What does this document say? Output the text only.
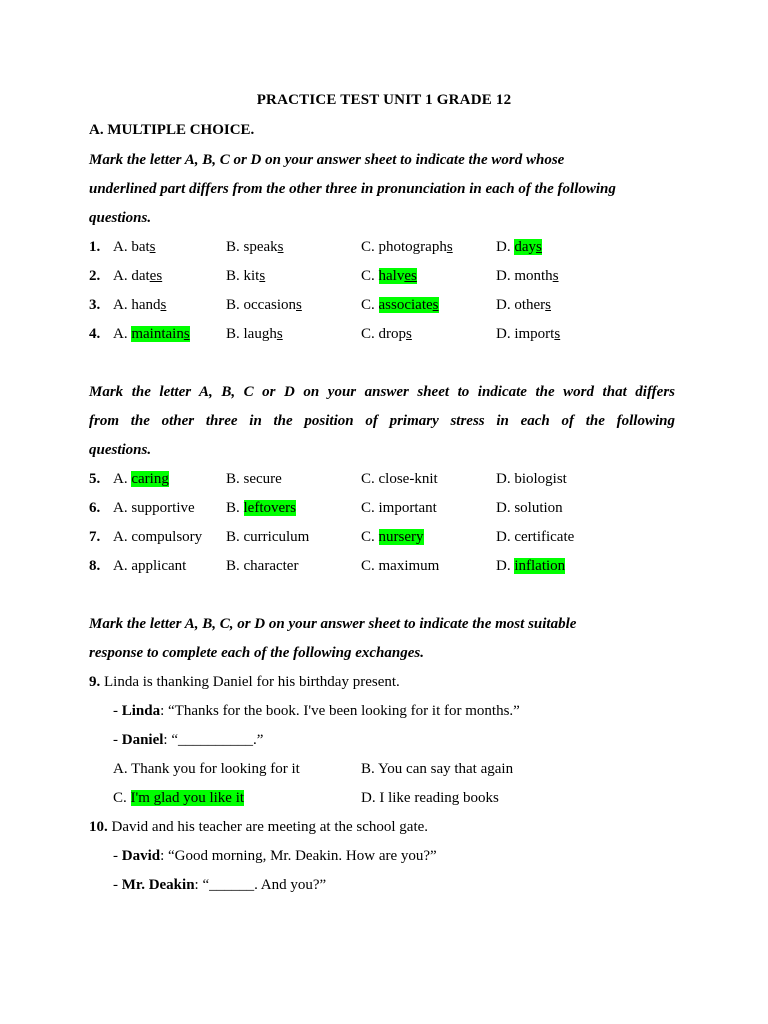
PRACTICE TEST UNIT 1 GRADE 12
A. MULTIPLE CHOICE.
Mark the letter A, B, C or D on your answer sheet to indicate the word whose
underlined part differs from the other three in pronunciation in each of the following
questions.
1. A. bats	B. speaks	C. photographs	D. days
2. A. dates	B. kits	C. halves	D. months
3. A. hands	B. occasions	C. associates	D. others
4. A. maintains B. laughs	C. drops	D. imports
Mark the letter A, B, C or D on your answer sheet to indicate the word that differs
from the other three in the position of primary stress in each of the following
questions.
5. A. caring	B. secure	C. close-knit	D. biologist
6. A. supportive B. leftovers	C. important	D. solution
7. A. compulsory B. curriculum	C. nursery	D. certificate
8. A. applicant	B. character	C. maximum	D. inflation
Mark the letter A, B, C, or D on your answer sheet to indicate the most suitable
response to complete each of the following exchanges.
9. Linda is thanking Daniel for his birthday present.
- Linda: “Thanks for the book. I've been looking for it for months.”
- Daniel: “__________.”
A. Thank you for looking for it	B. You can say that again
C. I'm glad you like it	D. I like reading books
10. David and his teacher are meeting at the school gate.
- David: “Good morning, Mr. Deakin. How are you?”
- Mr. Deakin: “______. And you?”
